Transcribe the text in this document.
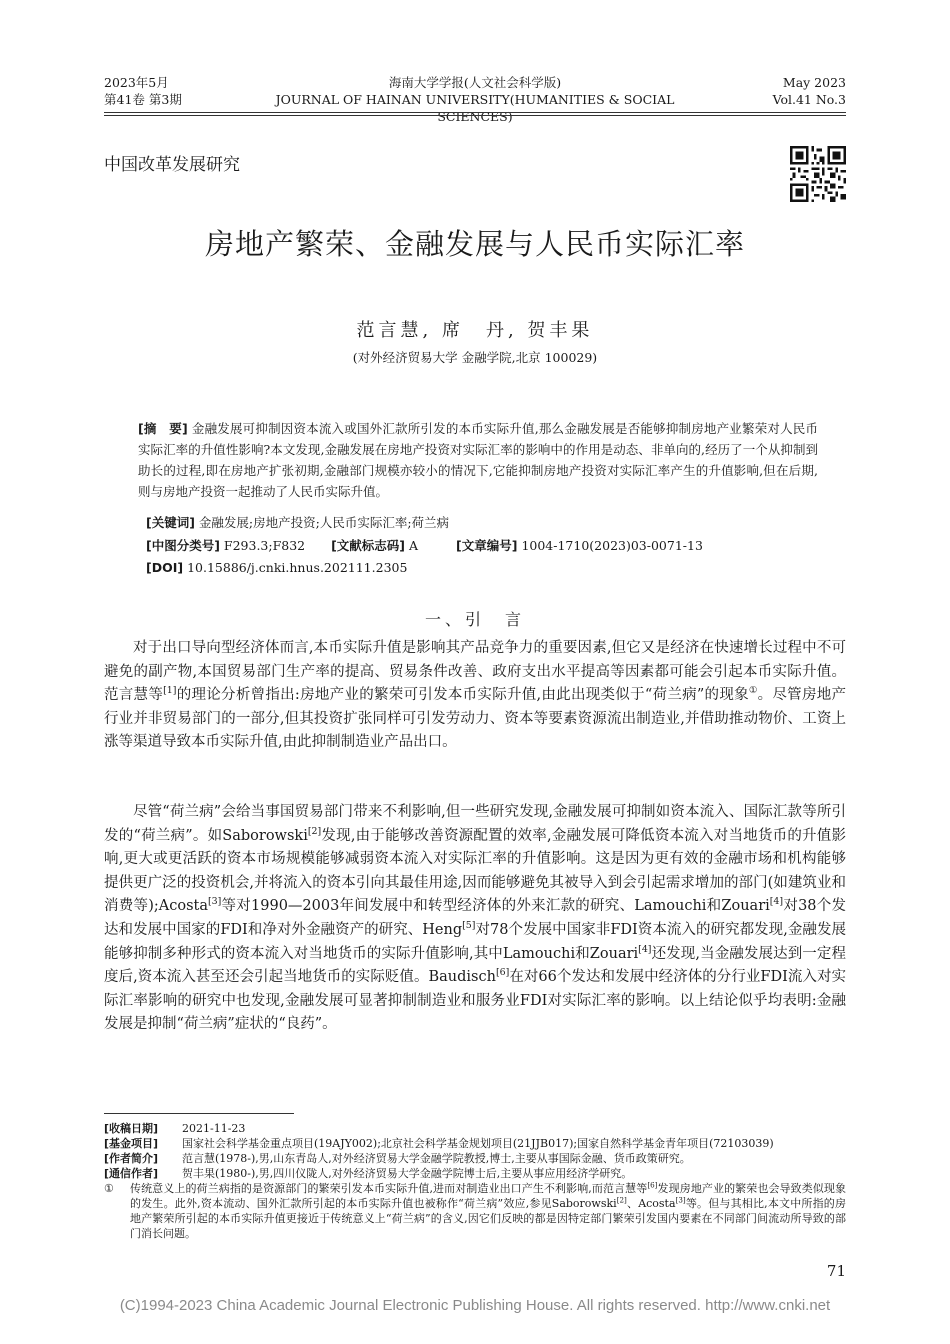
2023年5月
第41卷 第3期
海南大学学报(人文社会科学版)
JOURNAL OF HAINAN UNIVERSITY(HUMANITIES & SOCIAL SCIENCES)
May 2023
Vol.41 No.3
中国改革发展研究
房地产繁荣、金融发展与人民币实际汇率
范言慧, 席　丹, 贺丰果
(对外经济贸易大学 金融学院,北京 100029)
[摘　要] 金融发展可抑制因资本流入或国外汇款所引发的本币实际升值,那么金融发展是否能够抑制房地产业繁荣对人民币实际汇率的升值性影响?本文发现,金融发展在房地产投资对实际汇率的影响中的作用是动态、非单向的,经历了一个从抑制到助长的过程,即在房地产扩张初期,金融部门规模亦较小的情况下,它能抑制房地产投资对实际汇率产生的升值影响,但在后期,则与房地产投资一起推动了人民币实际升值。
[关键词] 金融发展;房地产投资;人民币实际汇率;荷兰病
[中图分类号] F293.3;F832 [文献标志码] A	[文章编号] 1004-1710(2023)03-0071-13
[DOI] 10.15886/j.cnki.hnus.202111.2305
一、引　言

对于出口导向型经济体而言,本币实际升值是影响其产品竞争力的重要因素,但它又是经济在快速增长过程中不可避免的副产物,本国贸易部门生产率的提高、贸易条件改善、政府支出水平提高等因素都可能会引起本币实际升值。范言慧等[1]的理论分析曾指出:房地产业的繁荣可引发本币实际升值,由此出现类似于“荷兰病”的现象①。尽管房地产行业并非贸易部门的一部分,但其投资扩张同样可引发劳动力、资本等要素资源流出制造业,并借助推动物价、工资上涨等渠道导致本币实际升值,由此抑制制造业产品出口。

尽管“荷兰病”会给当事国贸易部门带来不利影响,但一些研究发现,金融发展可抑制如资本流入、国际汇款等所引发的“荷兰病”。如Saborowski[2]发现,由于能够改善资源配置的效率,金融发展可降低资本流入对当地货币的升值影响,更大或更活跃的资本市场规模能够减弱资本流入对实际汇率的升值影响。这是因为更有效的金融市场和机构能够提供更广泛的投资机会,并将流入的资本引向其最佳用途,因而能够避免其被导入到会引起需求增加的部门(如建筑业和消费等);Acosta[3]等对1990—2003年间发展中和转型经济体的外来汇款的研究、Lamouchi和Zouari[4]对38个发达和发展中国家的FDI和净对外金融资产的研究、Heng[5]对78个发展中国家非FDI资本流入的研究都发现,金融发展能够抑制多种形式的资本流入对当地货币的实际升值影响,其中Lamouchi和Zouari[4]还发现,当金融发展达到一定程度后,资本流入甚至还会引起当地货币的实际贬值。Baudisch[6]在对66个发达和发展中经济体的分行业FDI流入对实际汇率影响的研究中也发现,金融发展可显著抑制制造业和服务业FDI对实际汇率的影响。以上结论似乎均表明:金融发展是抑制“荷兰病”症状的“良药”。

[收稿日期]	2021-11-23
[基金项目]	国家社会科学基金重点项目(19AJY002);北京社会科学基金规划项目(21JJB017);国家自然科学基金青年项目(72103039)
[作者简介]	范言慧(1978-),男,山东青岛人,对外经济贸易大学金融学院教授,博士,主要从事国际金融、货币政策研究。
[通信作者]	贺丰果(1980-),男,四川仪陇人,对外经济贸易大学金融学院博士后,主要从事应用经济学研究。
①	传统意义上的荷兰病指的是资源部门的繁荣引发本币实际升值,进而对制造业出口产生不利影响,而范言慧等[6]发现房地产业的繁荣也会导致类似现象的发生。此外,资本流动、国外汇款所引起的本币实际升值也被称作“荷兰病”效应,参见Saborowski[2]、Acosta[3]等。但与其相比,本文中所指的房地产繁荣所引起的本币实际升值更接近于传统意义上“荷兰病”的含义,因它们反映的都是因特定部门繁荣引发国内要素在不同部门间流动所导致的部门消长问题。
71
(C)1994-2023 China Academic Journal Electronic Publishing House. All rights reserved. http://www.cnki.net
